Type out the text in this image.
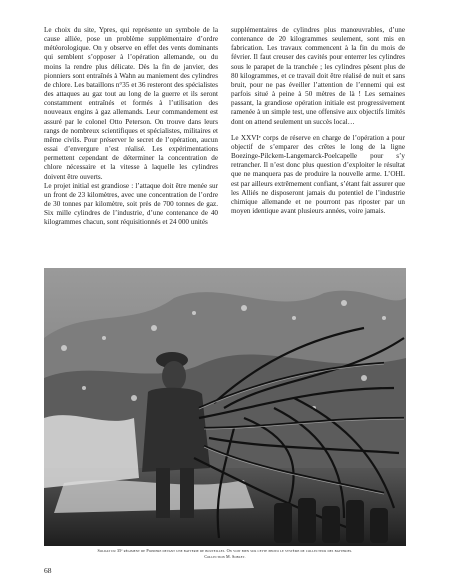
Le choix du site, Ypres, qui représente un symbole de la cause alliée, pose un problème supplémentaire d’ordre météorologique. On y observe en effet des vents dominants qui semblent s’opposer à l’opération allemande, ou du moins la rendre plus délicate. Dès la fin de janvier, des pionniers sont entraînés à Wahn au maniement des cylindres de chlore. Les bataillons n°35 et 36 resteront des spécialistes des attaques au gaz tout au long de la guerre et ils seront constamment entraînés et formés à l’utilisation des nouveaux engins à gaz allemands. Leur commandement est assuré par le colonel Otto Peterson. On trouve dans leurs rangs de nombreux scientifiques et spécialistes, militaires et même civils. Pour préserver le secret de l’opération, aucun essai d’envergure n’est réalisé. Les expérimentations permettent cependant de déterminer la concentration de chlore nécessaire et la vitesse à laquelle les cylindres doivent être ouverts.

Le projet initial est grandiose : l’attaque doit être menée sur un front de 23 kilomètres, avec une concentration de l’ordre de 30 tonnes par kilomètre, soit près de 700 tonnes de gaz. Six mille cylindres de l’industrie, d’une contenance de 40 kilogrammes chacun, sont réquisitionnés et 24 000 unités

supplémentaires de cylindres plus manœuvrables, d’une contenance de 20 kilogrammes seulement, sont mis en fabrication. Les travaux commencent à la fin du mois de février. Il faut creuser des cavités pour enterrer les cylindres sous le parapet de la tranchée ; les cylindres pèsent plus de 80 kilogrammes, et ce travail doit être réalisé de nuit et sans bruit, pour ne pas éveiller l’attention de l’ennemi qui est parfois situé à peine à 50 mètres de là ! Les semaines passant, la grandiose opération initiale est progressivement ramenée à un simple test, une offensive aux objectifs limités dont on attend seulement un succès local…

Le XXVIᵉ corps de réserve en charge de l’opération a pour objectif de s’emparer des crêtes le long de la ligne Boezinge-Pilckem-Langemarck-Poelcapelle pour s’y retrancher. Il n’est donc plus question d’exploiter le résultat que ne manquera pas de produire la nouvelle arme. L’OHL est par ailleurs extrêmement confiant, s’étant fait assurer que les Alliés ne disposeront jamais du potentiel de l’industrie chimique allemande et ne pourront pas riposter par un moyen identique avant plusieurs années, voire jamais.

Soldat du 35ᵉ régiment de Pioniere devant une batterie de bouteilles. On voit bien sur cette photo le système de collecteur des batteries.
Collection M. Soblet.
68
